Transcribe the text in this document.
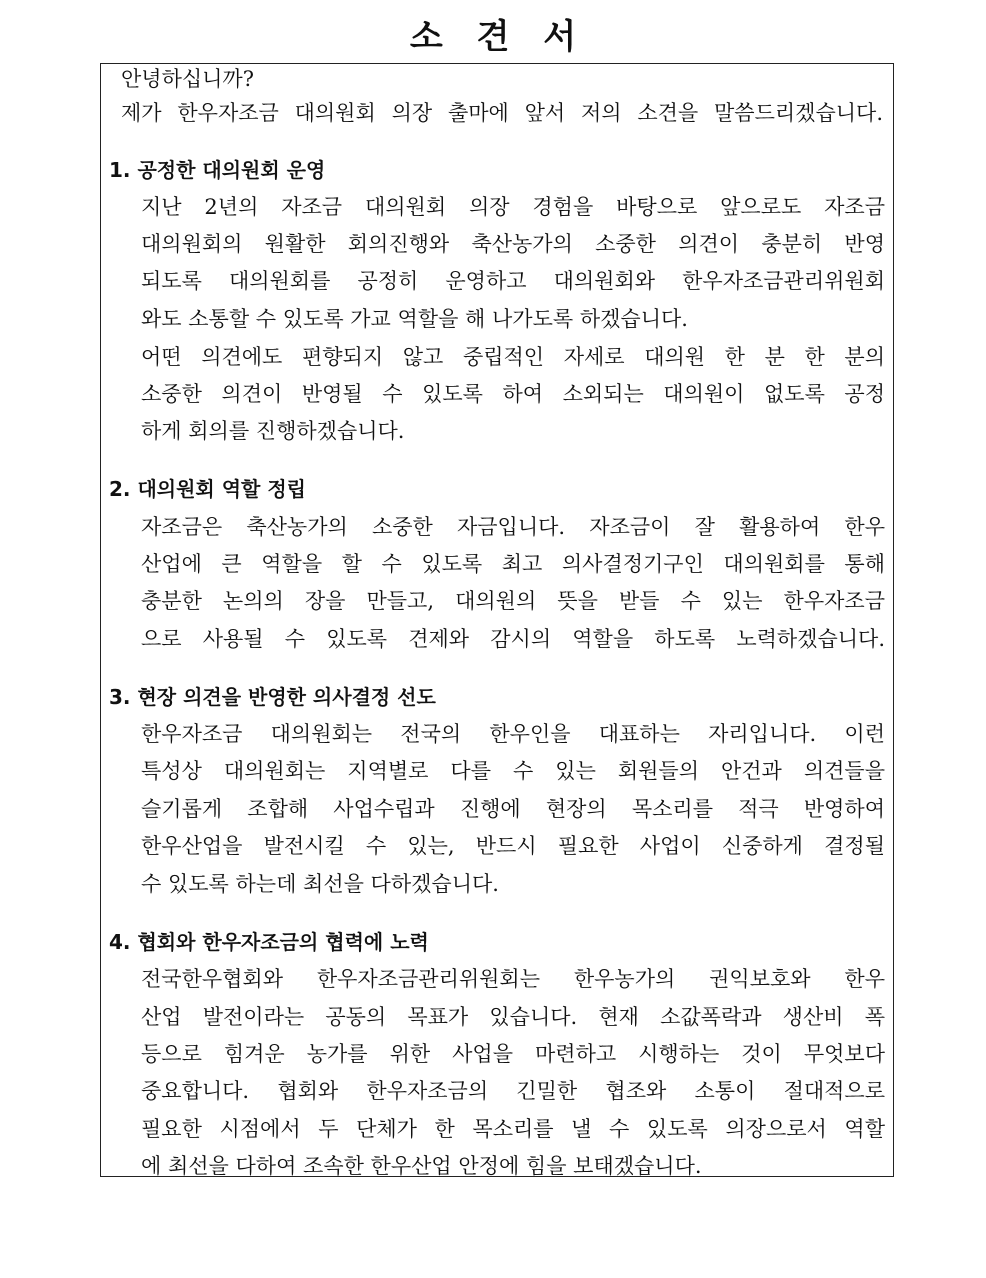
소 견 서

안녕하십니까?

제가 한우자조금 대의원회 의장 출마에 앞서 저의 소견을 말씀드리겠습니다.

1. 공정한 대의원회 운영

지난 2년의 자조금 대의원회 의장 경험을 바탕으로 앞으로도 자조금

대의원회의 원활한 회의진행와 축산농가의 소중한 의견이 충분히 반영

되도록 대의원회를 공정히 운영하고 대의원회와 한우자조금관리위원회

와도 소통할 수 있도록 가교 역할을 해 나가도록 하겠습니다.

어떤 의견에도 편향되지 않고 중립적인 자세로 대의원 한 분 한 분의

소중한 의견이 반영될 수 있도록 하여 소외되는 대의원이 없도록 공정

하게 회의를 진행하겠습니다.

2. 대의원회 역할 정립

자조금은 축산농가의 소중한 자금입니다. 자조금이 잘 활용하여 한우

산업에 큰 역할을 할 수 있도록 최고 의사결정기구인 대의원회를 통해

충분한 논의의 장을 만들고, 대의원의 뜻을 받들 수 있는 한우자조금

으로 사용될 수 있도록 견제와 감시의 역할을 하도록 노력하겠습니다.

3. 현장 의견을 반영한 의사결정 선도

한우자조금 대의원회는 전국의 한우인을 대표하는 자리입니다. 이런

특성상 대의원회는 지역별로 다를 수 있는 회원들의 안건과 의견들을

슬기롭게 조합해 사업수립과 진행에 현장의 목소리를 적극 반영하여

한우산업을 발전시킬 수 있는, 반드시 필요한 사업이 신중하게 결정될

수 있도록 하는데 최선을 다하겠습니다.

4. 협회와 한우자조금의 협력에 노력

전국한우협회와 한우자조금관리위원회는 한우농가의 권익보호와 한우

산업 발전이라는 공동의 목표가 있습니다. 현재 소값폭락과 생산비 폭

등으로 힘겨운 농가를 위한 사업을 마련하고 시행하는 것이 무엇보다

중요합니다. 협회와 한우자조금의 긴밀한 협조와 소통이 절대적으로

필요한 시점에서 두 단체가 한 목소리를 낼 수 있도록 의장으로서 역할

에 최선을 다하여 조속한 한우산업 안정에 힘을 보태겠습니다.
